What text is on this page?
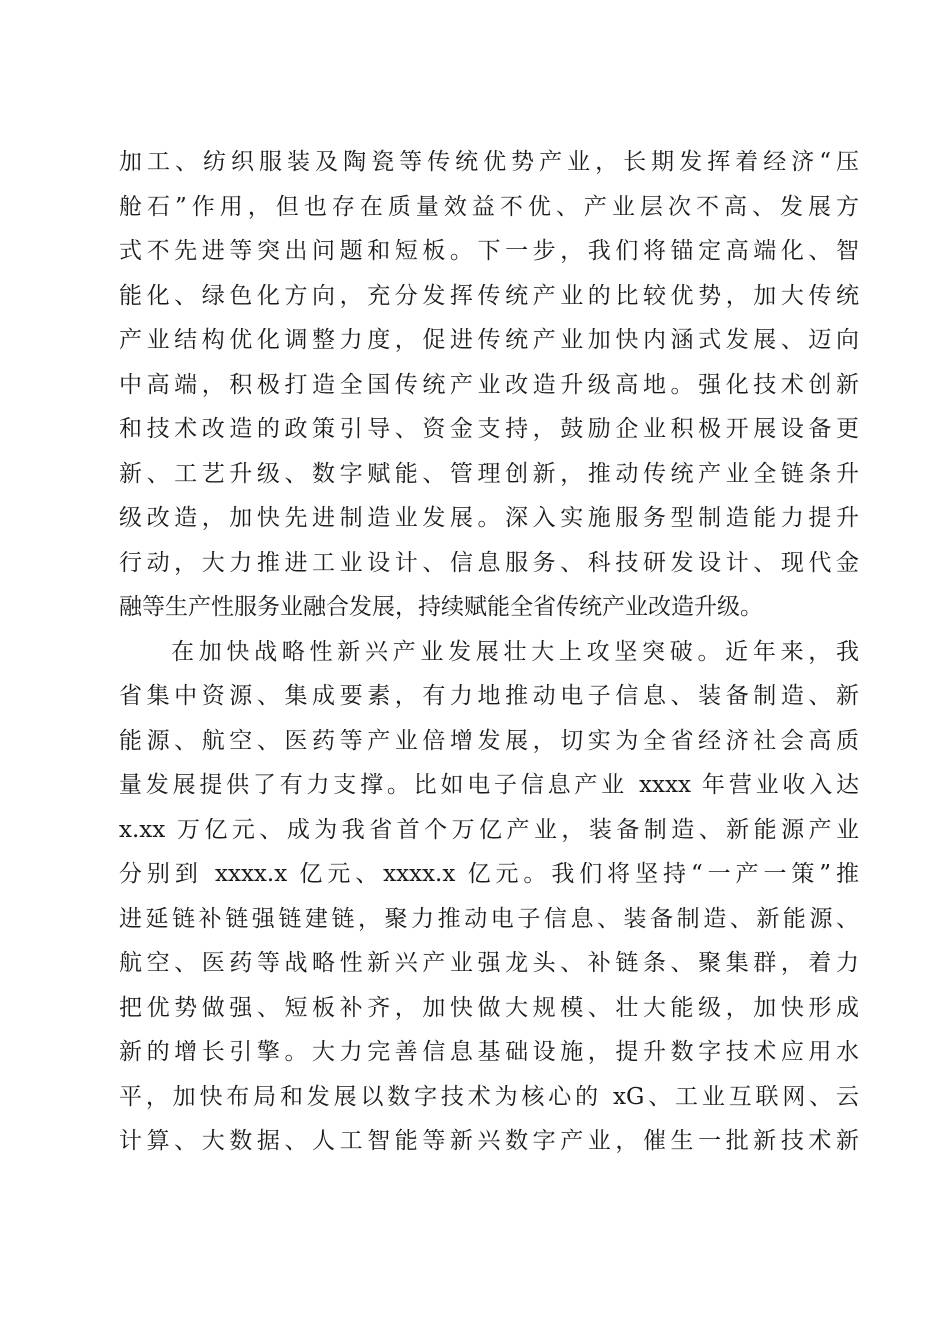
加工、纺织服装及陶瓷等传统优势产业，长期发挥着经济“压
舱石”作用，但也存在质量效益不优、产业层次不高、发展方
式不先进等突出问题和短板。下一步，我们将锚定高端化、智
能化、绿色化方向，充分发挥传统产业的比较优势，加大传统
产业结构优化调整力度，促进传统产业加快内涵式发展、迈向
中高端，积极打造全国传统产业改造升级高地。强化技术创新
和技术改造的政策引导、资金支持，鼓励企业积极开展设备更
新、工艺升级、数字赋能、管理创新，推动传统产业全链条升
级改造，加快先进制造业发展。深入实施服务型制造能力提升
行动，大力推进工业设计、信息服务、科技研发设计、现代金
融等生产性服务业融合发展，持续赋能全省传统产业改造升级。
在加快战略性新兴产业发展壮大上攻坚突破。近年来，我
省集中资源、集成要素，有力地推动电子信息、装备制造、新
能源、航空、医药等产业倍增发展，切实为全省经济社会高质
量发展提供了有力支撑。比如电子信息产业 xxxx 年营业收入达
x.xx 万亿元、成为我省首个万亿产业，装备制造、新能源产业
分别到 xxxx.x 亿元、xxxx.x 亿元。我们将坚持“一产一策”推
进延链补链强链建链，聚力推动电子信息、装备制造、新能源、
航空、医药等战略性新兴产业强龙头、补链条、聚集群，着力
把优势做强、短板补齐，加快做大规模、壮大能级，加快形成
新的增长引擎。大力完善信息基础设施，提升数字技术应用水
平，加快布局和发展以数字技术为核心的 xG、工业互联网、云
计算、大数据、人工智能等新兴数字产业，催生一批新技术新
